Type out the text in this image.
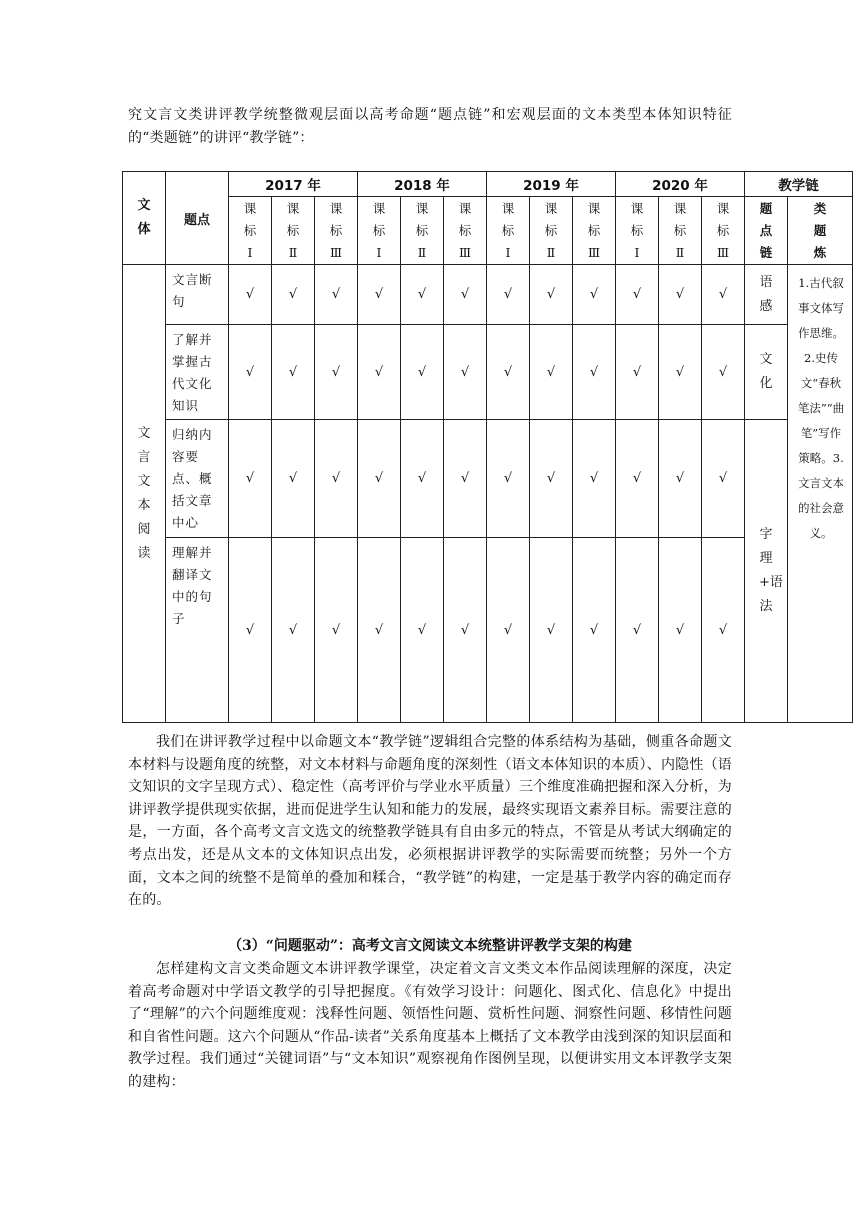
究文言文类讲评教学统整微观层面以高考命题“题点链”和宏观层面的文本类型本体知识特征的“类题链”的讲评“教学链”：
文体	题点	2017 年			2018 年			2019 年			2020 年			教学链	

		课标Ⅰ	课标Ⅱ	课标Ⅲ	课标Ⅰ	课标Ⅱ	课标Ⅲ	课标Ⅰ	课标Ⅱ	课标Ⅲ	课标Ⅰ	课标Ⅱ	课标Ⅲ	题点链	类题炼

文言文本阅读	文言断句	√	√	√	√	√	√	√	√	√	√	√	√	语感	1.古代叙事文体写作思维。2.史传文“春秋笔法”“曲笔”写作策略。3.文言文本的社会意义。
	了解并掌握古代文化知识	√	√	√	√	√	√	√	√	√	√	√	√	文化	

	归纳内容要点、概括文章中心	√	√	√	√	√	√	√	√	√	√	√	√	字理+语法	

	理解并翻译文中的句子	√	√	√	√	√	√	√	√	√	√	√	√		
我们在讲评教学过程中以命题文本“教学链”逻辑组合完整的体系结构为基础，侧重各命题文本材料与设题角度的统整，对文本材料与命题角度的深刻性（语文本体知识的本质）、内隐性（语文知识的文字呈现方式）、稳定性（高考评价与学业水平质量）三个维度准确把握和深入分析，为讲评教学提供现实依据，进而促进学生认知和能力的发展，最终实现语文素养目标。需要注意的是，一方面，各个高考文言文选文的统整教学链具有自由多元的特点，不管是从考试大纲确定的考点出发，还是从文本的文体知识点出发，必须根据讲评教学的实际需要而统整；另外一个方面，文本之间的统整不是简单的叠加和糅合，“教学链”的构建，一定是基于教学内容的确定而存在的。
（3）“问题驱动”：高考文言文阅读文本统整讲评教学支架的构建
怎样建构文言文类命题文本讲评教学课堂，决定着文言文类文本作品阅读理解的深度，决定着高考命题对中学语文教学的引导把握度。《有效学习设计：问题化、图式化、信息化》中提出了“理解”的六个问题维度观：浅释性问题、领悟性问题、赏析性问题、洞察性问题、移情性问题和自省性问题。这六个问题从“作品-读者”关系角度基本上概括了文本教学由浅到深的知识层面和教学过程。我们通过“关键词语”与“文本知识”观察视角作图例呈现，以便讲实用文本评教学支架的建构：
